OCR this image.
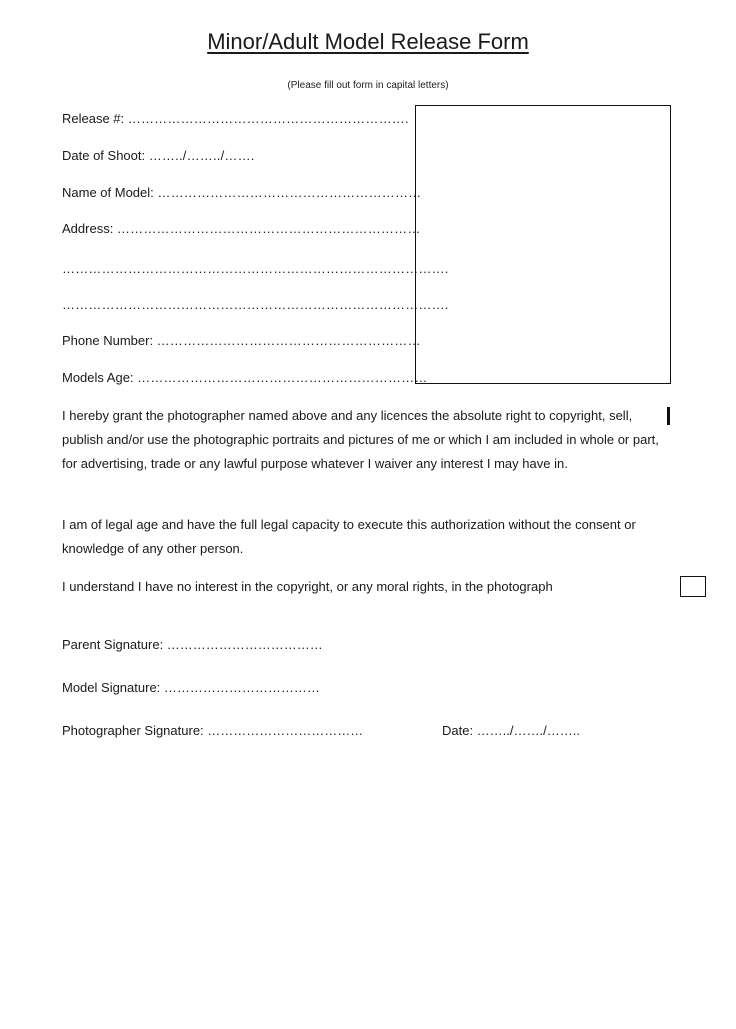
Minor/Adult Model Release Form
(Please fill out form in capital letters)
Release #: ……………………………………………………….
Date of Shoot: ……../……../…….
Name of Model: ……………………………………………………
Address: ……………………………………………………………
…………………………………………………………………………….
…………………………………………………………………………….
Phone Number: ……………………………………………………
Models Age: …………………………………………………………
I hereby grant the photographer named above and any licences the absolute right to copyright, sell, publish and/or use the photographic portraits and pictures of me or which I am included in whole or part, for advertising, trade or any lawful purpose whatever I waiver any interest I may have in.
I am of legal age and have the full legal capacity to execute this authorization without the consent or knowledge of any other person.
I understand I have no interest in the copyright, or any moral rights, in the photograph
Parent Signature: ………………………………
Model Signature: ………………………………
Photographer Signature: ………………………………	Date: ……../……./……..
